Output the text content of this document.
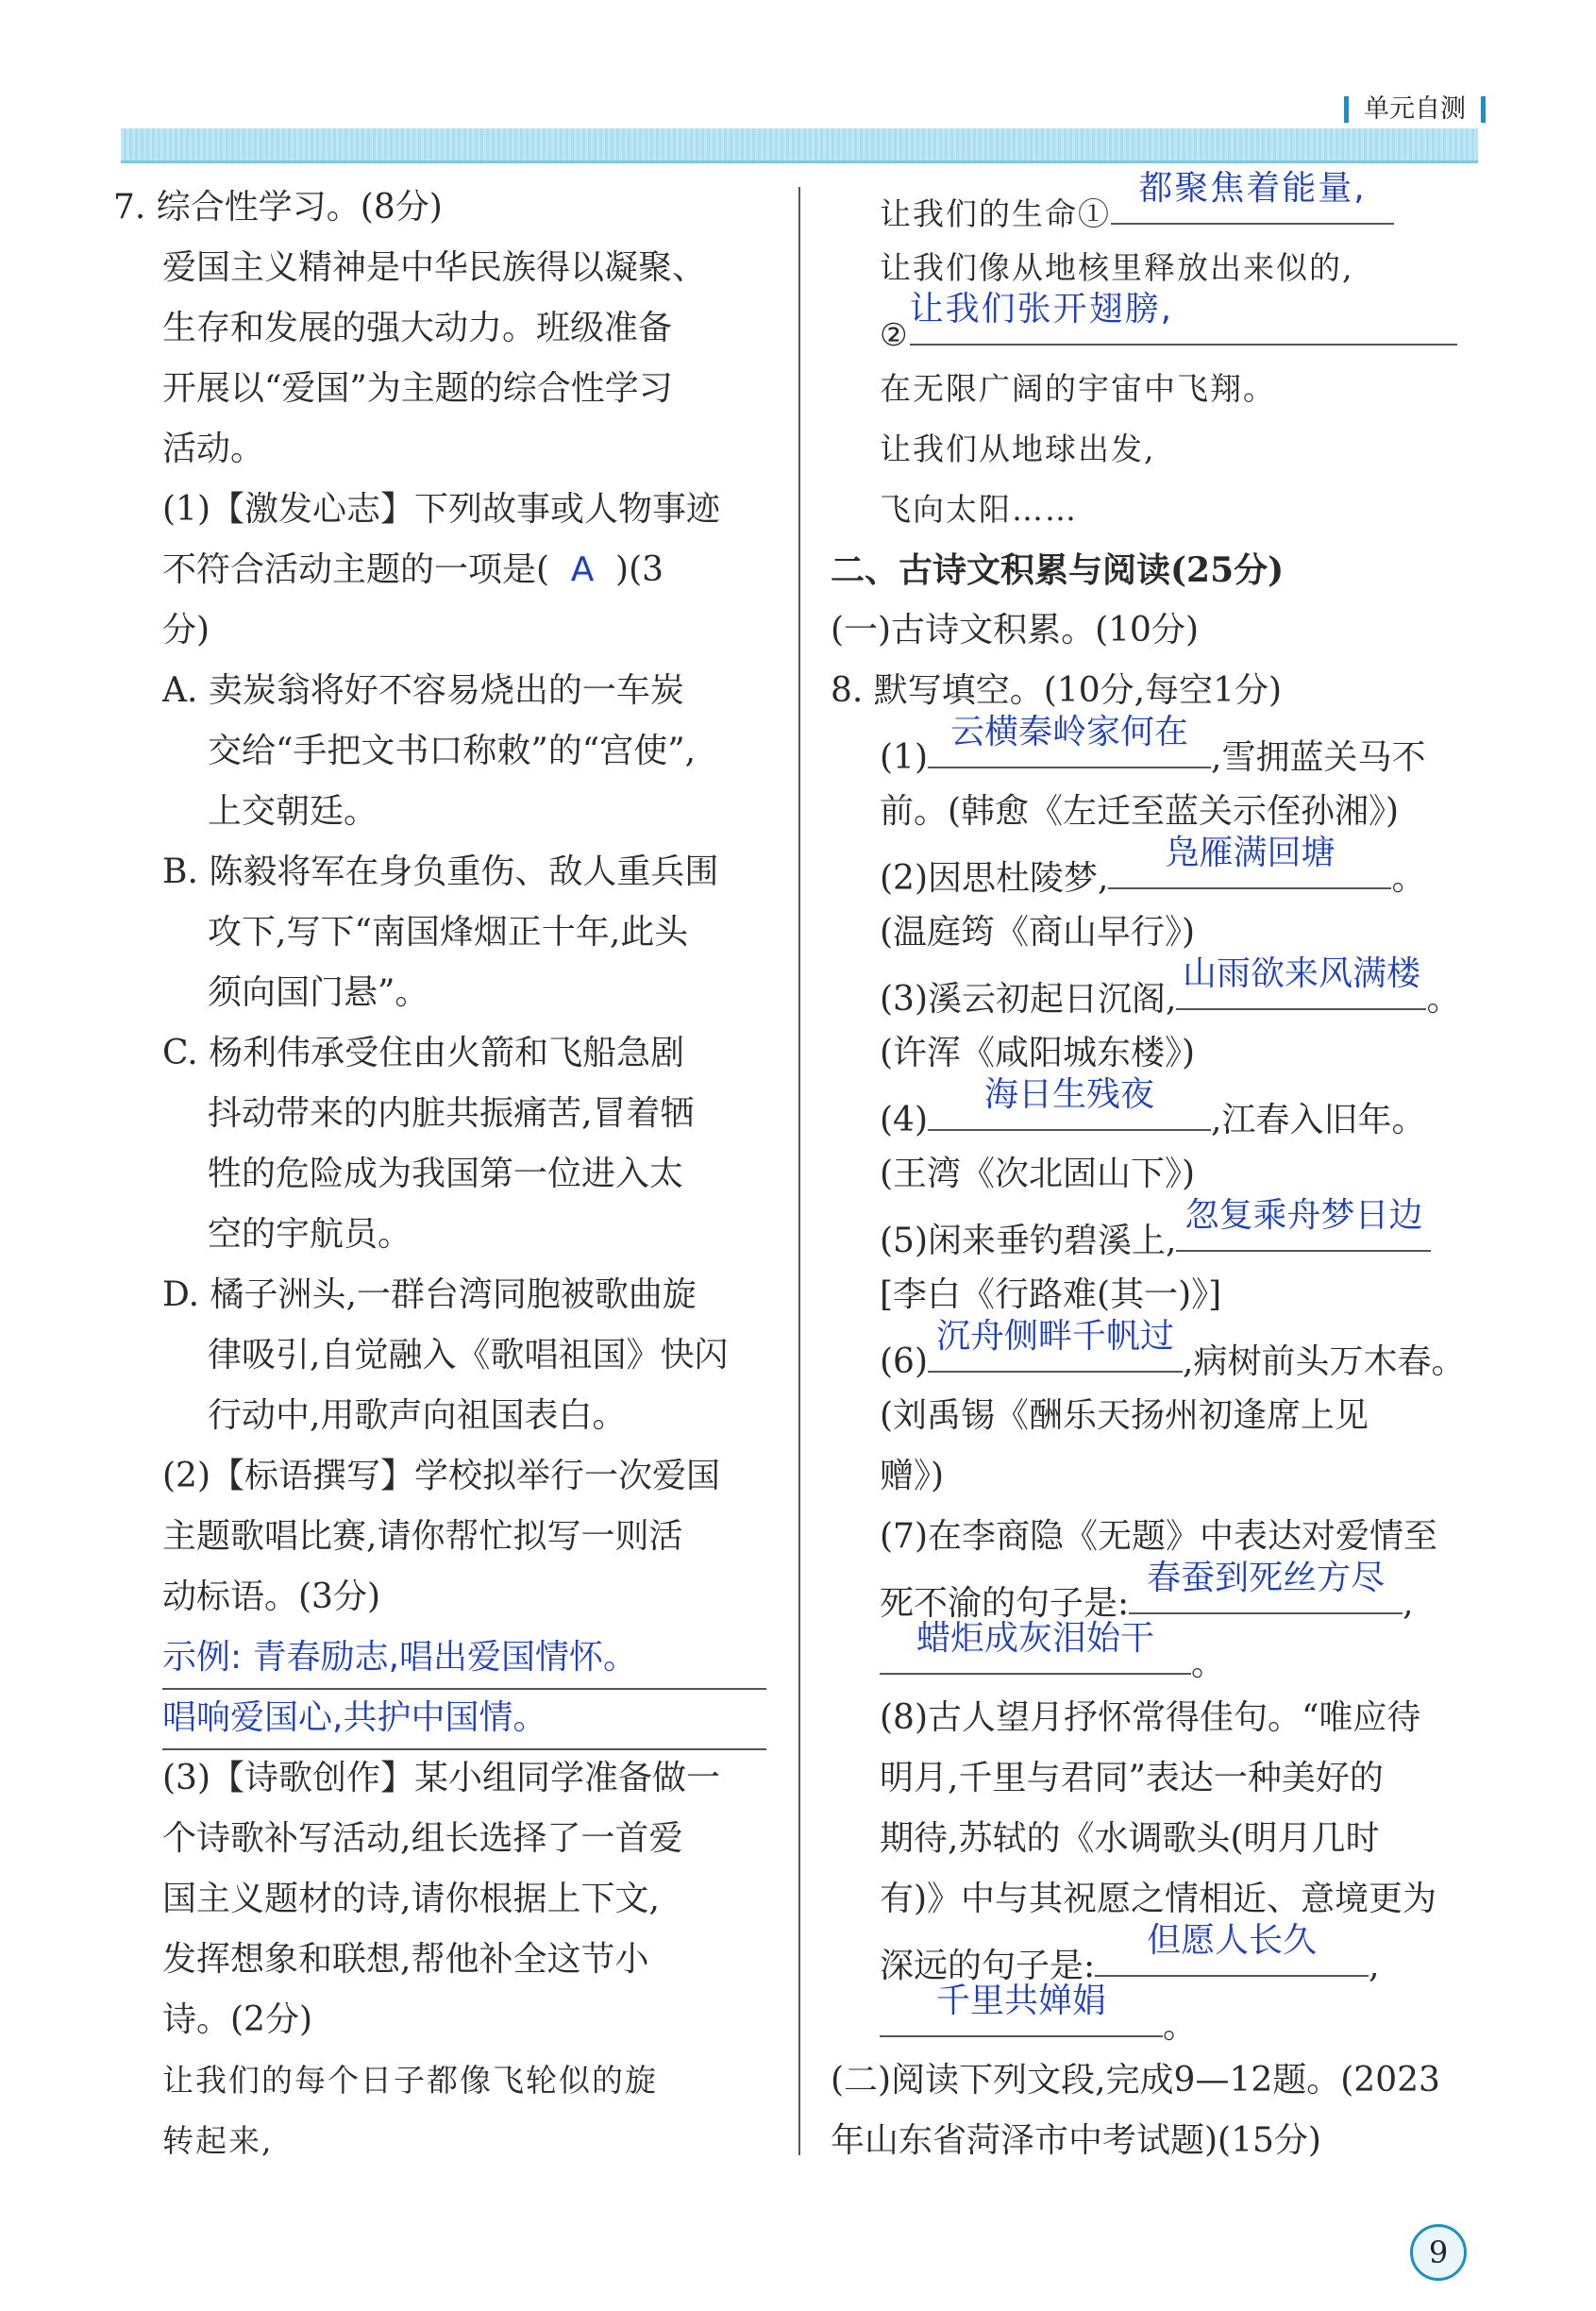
单元自测
7. 综合性学习。(8分)
爱国主义精神是中华民族得以凝聚、
生存和发展的强大动力。班级准备
开展以“爱国”为主题的综合性学习
活动。
(1)【激发心志】下列故事或人物事迹
不符合活动主题的一项是( A )(3
分)
A. 卖炭翁将好不容易烧出的一车炭
交给“手把文书口称敕”的“宫使”,
上交朝廷。
B. 陈毅将军在身负重伤、敌人重兵围
攻下,写下“南国烽烟正十年,此头
须向国门悬”。
C. 杨利伟承受住由火箭和飞船急剧
抖动带来的内脏共振痛苦,冒着牺
牲的危险成为我国第一位进入太
空的宇航员。
D. 橘子洲头,一群台湾同胞被歌曲旋
律吸引,自觉融入《歌唱祖国》快闪
行动中,用歌声向祖国表白。
(2)【标语撰写】学校拟举行一次爱国
主题歌唱比赛,请你帮忙拟写一则活
动标语。(3分)
示例: 青春励志,唱出爱国情怀。
唱响爱国心,共护中国情。
(3)【诗歌创作】某小组同学准备做一
个诗歌补写活动,组长选择了一首爱
国主义题材的诗,请你根据上下文,
发挥想象和联想,帮他补全这节小
诗。(2分)
让我们的每个日子都像飞轮似的旋
转起来,
让我们的生命①
都聚焦着能量,
让我们像从地核里释放出来似的,
②
让我们张开翅膀,
在无限广阔的宇宙中飞翔。
让我们从地球出发,
飞向太阳……
二、古诗文积累与阅读(25分)
(一)古诗文积累。(10分)
8. 默写填空。(10分,每空1分)
(1)
云横秦岭家何在
,雪拥蓝关马不
前。(韩愈《左迁至蓝关示侄孙湘》)
(2)因思杜陵梦,
凫雁满回塘
。
(温庭筠《商山早行》)
(3)溪云初起日沉阁,
山雨欲来风满楼
。
(许浑《咸阳城东楼》)
(4)
海日生残夜
,江春入旧年。
(王湾《次北固山下》)
(5)闲来垂钓碧溪上,
忽复乘舟梦日边
[李白《行路难(其一)》]
(6)
沉舟侧畔千帆过
,病树前头万木春。
(刘禹锡《酬乐天扬州初逢席上见
赠》)
(7)在李商隐《无题》中表达对爱情至
死不渝的句子是:
春蚕到死丝方尽
,
蜡炬成灰泪始干
。
(8)古人望月抒怀常得佳句。“唯应待
明月,千里与君同”表达一种美好的
期待,苏轼的《水调歌头(明月几时
有)》中与其祝愿之情相近、意境更为
深远的句子是:
但愿人长久
,
千里共婵娟
。
(二)阅读下列文段,完成9—12题。(2023
年山东省菏泽市中考试题)(15分)
9
